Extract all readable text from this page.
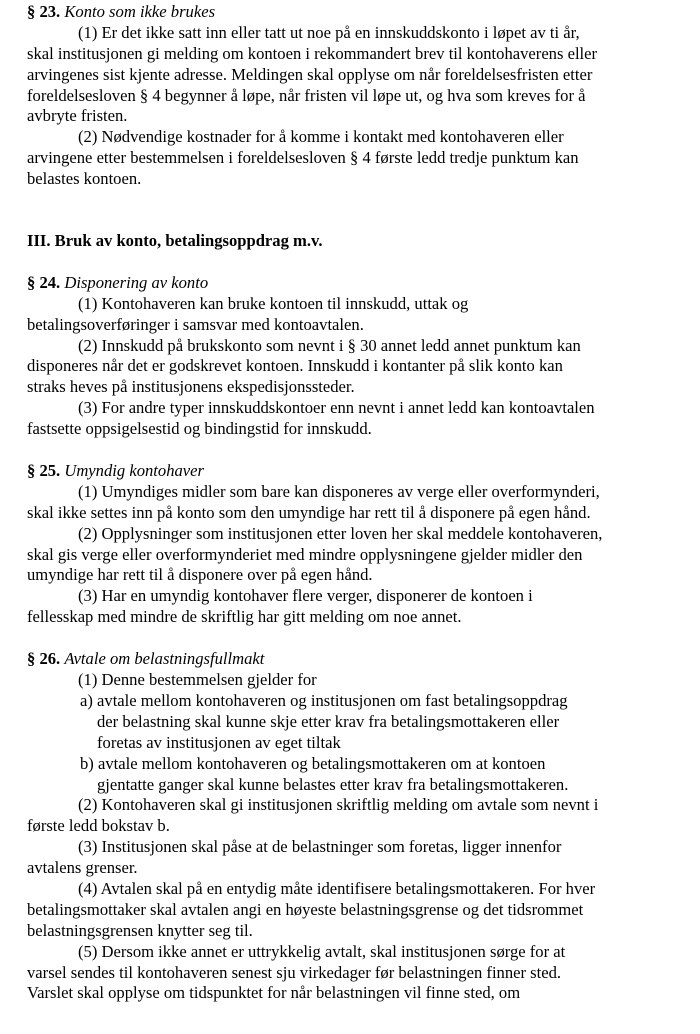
§ 23. Konto som ikke brukes
(1) Er det ikke satt inn eller tatt ut noe på en innskuddskonto i løpet av ti år,
skal institusjonen gi melding om kontoen i rekommandert brev til kontohaverens eller
arvingenes sist kjente adresse. Meldingen skal opplyse om når foreldelsesfristen etter
foreldelsesloven § 4 begynner å løpe, når fristen vil løpe ut, og hva som kreves for å
avbryte fristen.
(2) Nødvendige kostnader for å komme i kontakt med kontohaveren eller
arvingene etter bestemmelsen i foreldelsesloven § 4 første ledd tredje punktum kan
belastes kontoen.
III. Bruk av konto, betalingsoppdrag m.v.
§ 24. Disponering av konto
(1) Kontohaveren kan bruke kontoen til innskudd, uttak og
betalingsoverføringer i samsvar med kontoavtalen.
(2) Innskudd på brukskonto som nevnt i § 30 annet ledd annet punktum kan
disponeres når det er godskrevet kontoen. Innskudd i kontanter på slik konto kan
straks heves på institusjonens ekspedisjonssteder.
(3) For andre typer innskuddskontoer enn nevnt i annet ledd kan kontoavtalen
fastsette oppsigelsestid og bindingstid for innskudd.
§ 25. Umyndig kontohaver
(1) Umyndiges midler som bare kan disponeres av verge eller overformynderi,
skal ikke settes inn på konto som den umyndige har rett til å disponere på egen hånd.
(2) Opplysninger som institusjonen etter loven her skal meddele kontohaveren,
skal gis verge eller overformynderiet med mindre opplysningene gjelder midler den
umyndige har rett til å disponere over på egen hånd.
(3) Har en umyndig kontohaver flere verger, disponerer de kontoen i
fellesskap med mindre de skriftlig har gitt melding om noe annet.
§ 26. Avtale om belastningsfullmakt
(1) Denne bestemmelsen gjelder for
a) avtale mellom kontohaveren og institusjonen om fast betalingsoppdrag
der belastning skal kunne skje etter krav fra betalingsmottakeren eller
foretas av institusjonen av eget tiltak
b) avtale mellom kontohaveren og betalingsmottakeren om at kontoen
gjentatte ganger skal kunne belastes etter krav fra betalingsmottakeren.
(2) Kontohaveren skal gi institusjonen skriftlig melding om avtale som nevnt i
første ledd bokstav b.
(3) Institusjonen skal påse at de belastninger som foretas, ligger innenfor
avtalens grenser.
(4) Avtalen skal på en entydig måte identifisere betalingsmottakeren. For hver
betalingsmottaker skal avtalen angi en høyeste belastningsgrense og det tidsrommet
belastningsgrensen knytter seg til.
(5) Dersom ikke annet er uttrykkelig avtalt, skal institusjonen sørge for at
varsel sendes til kontohaveren senest sju virkedager før belastningen finner sted.
Varslet skal opplyse om tidspunktet for når belastningen vil finne sted, om
